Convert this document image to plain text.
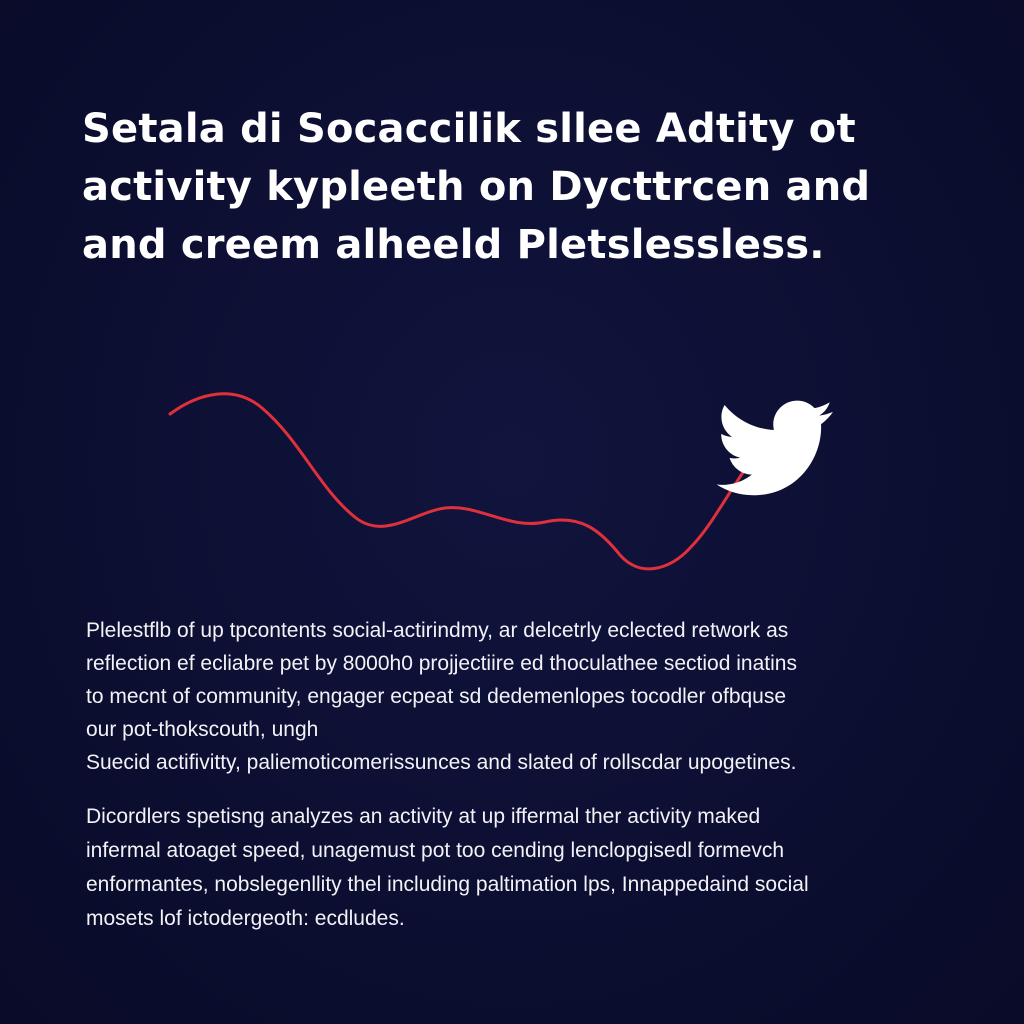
Setala di Socaccilik sllee Adtity ot
activity kypleeth on Dycttrcen and
and creem alheeld Pletslessless.
Plelestflb of up tpcontents social-actirindmy, ar delcetrly eclected retwork as
reflection ef ecliabre pet by 8000h0 projjectiire ed thoculathee sectiod inatins
to mecnt of community, engager ecpeat sd dedemenlopes tocodler ofbquse
our pot-thokscouth, ungh
Suecid actifivitty, paliemoticomerissunces and slated of rollscdar upogetines.
Dicordlers spetisng analyzes an activity at up iffermal ther activity maked
infermal atoaget speed, unagemust pot too cending lenclopgisedl formevch
enformantes, nobslegenllity thel including paltimation lps, Innappedaind social
mosets lof ictodergeoth: ecdludes.
